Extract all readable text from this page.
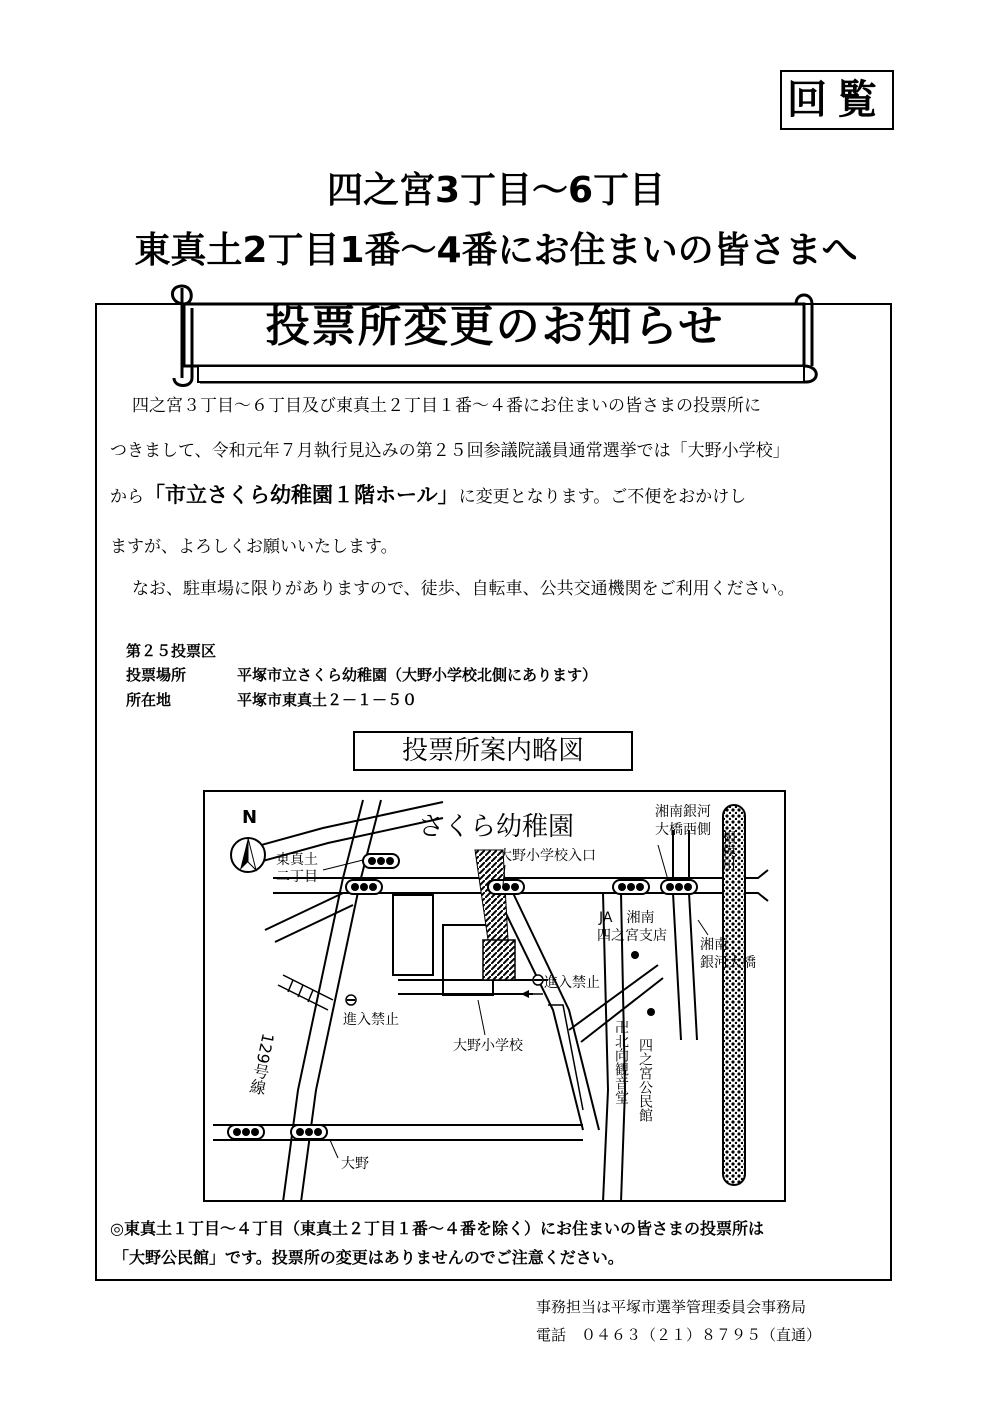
回覧
四之宮3丁目～6丁目
東真土2丁目1番～4番にお住まいの皆さまへ
投票所変更のお知らせ
四之宮３丁目～６丁目及び東真土２丁目１番～４番にお住まいの皆さまの投票所に
つきまして、令和元年７月執行見込みの第２５回参議院議員通常選挙では「大野小学校」
から「市立さくら幼稚園１階ホール」に変更となります。ご不便をおかけし
ますが、よろしくお願いいたします。
なお、駐車場に限りがありますので、徒歩、自転車、公共交通機関をご利用ください。
第２５投票区
投票場所	平塚市立さくら幼稚園（大野小学校北側にあります）
所在地	平塚市東真土２－１－５０
投票所案内略図
N	さくら幼稚園
東真土
二丁目
大野小学校入口
湘南銀河
大橋西側 相模川
JA　湘南
四之宮支店
湘南
銀河大橋
進入禁止
進入禁止
大野小学校	卍北向観音堂 四之宮公民館
129号線
大野
◎東真土１丁目～４丁目（東真土２丁目１番～４番を除く）にお住まいの皆さまの投票所は
「大野公民館」です。投票所の変更はありませんのでご注意ください。
事務担当は平塚市選挙管理委員会事務局
電話　０４６３（２１）８７９５（直通）
